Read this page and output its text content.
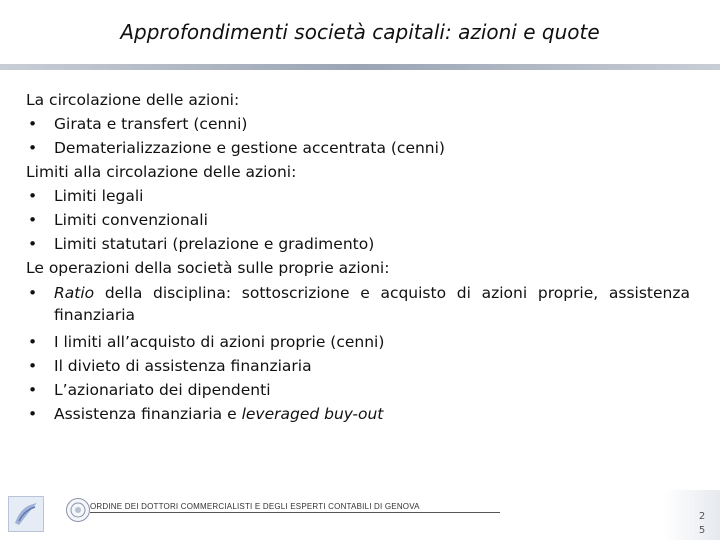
Approfondimenti società capitali: azioni e quote

La circolazione delle azioni:

• Girata e transfert (cenni)
• Dematerializzazione e gestione accentrata (cenni)

Limiti alla circolazione delle azioni:

• Limiti legali
• Limiti convenzionali
• Limiti statutari (prelazione e gradimento)

Le operazioni della società sulle proprie azioni:

• Ratio della disciplina: sottoscrizione e acquisto di azioni proprie, assistenza finanziaria
• I limiti all’acquisto di azioni proprie (cenni)
• Il divieto di assistenza finanziaria
• L’azionariato dei dipendenti
• Assistenza finanziaria e leveraged buy-out
ORDINE DEI DOTTORI COMMERCIALISTI E DEGLI ESPERTI CONTABILI DI GENOVA
2
5
